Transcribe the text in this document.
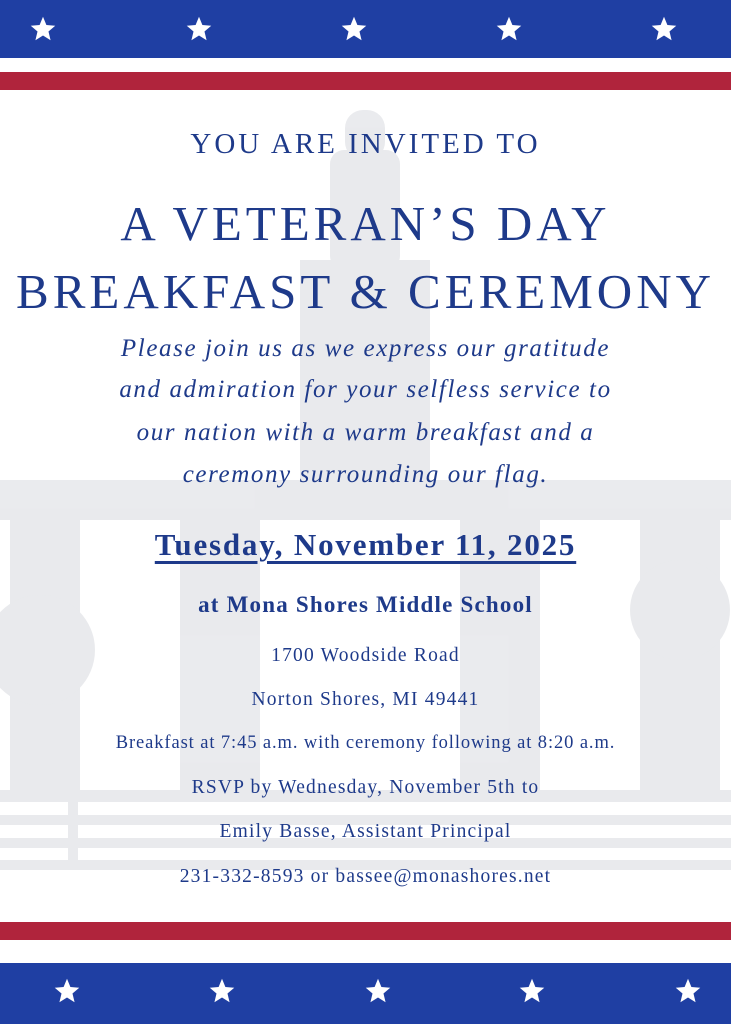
YOU ARE INVITED TO
A VETERAN’S DAY
BREAKFAST & CEREMONY
Please join us as we express our gratitude
and admiration for your selfless service to
our nation with a warm breakfast and a
ceremony surrounding our flag.
Tuesday, November 11, 2025
at Mona Shores Middle School
1700 Woodside Road
Norton Shores, MI 49441
Breakfast at 7:45 a.m. with ceremony following at 8:20 a.m.
RSVP by Wednesday, November 5th to
Emily Basse, Assistant Principal
231-332-8593 or bassee@monashores.net
